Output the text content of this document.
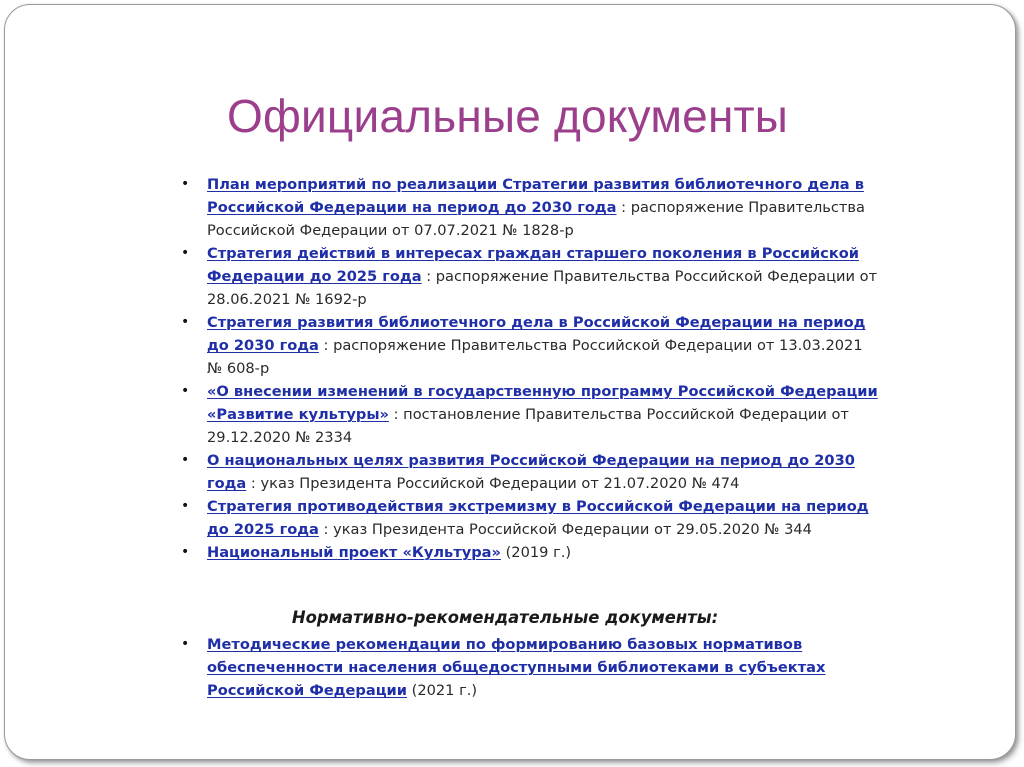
Официальные документы
• План мероприятий по реализации Стратегии развития библиотечного дела в Российской Федерации на период до 2030 года : распоряжение Правительства Российской Федерации от 07.07.2021 № 1828-р
• Стратегия действий в интересах граждан старшего поколения в Российской Федерации до 2025 года : распоряжение Правительства Российской Федерации от 28.06.2021 № 1692-р
• Стратегия развития библиотечного дела в Российской Федерации на период до 2030 года : распоряжение Правительства Российской Федерации от 13.03.2021 № 608-р
• «О внесении изменений в государственную программу Российской Федерации «Развитие культуры» : постановление Правительства Российской Федерации от 29.12.2020 № 2334
• О национальных целях развития Российской Федерации на период до 2030 года : указ Президента Российской Федерации от 21.07.2020 № 474
• Стратегия противодействия экстремизму в Российской Федерации на период до 2025 года : указ Президента Российской Федерации от 29.05.2020 № 344
• Национальный проект «Культура» (2019 г.)

Нормативно-рекомендательные документы:

• Методические рекомендации по формированию базовых нормативов обеспеченности населения общедоступными библиотеками в субъектах Российской Федерации (2021 г.)
